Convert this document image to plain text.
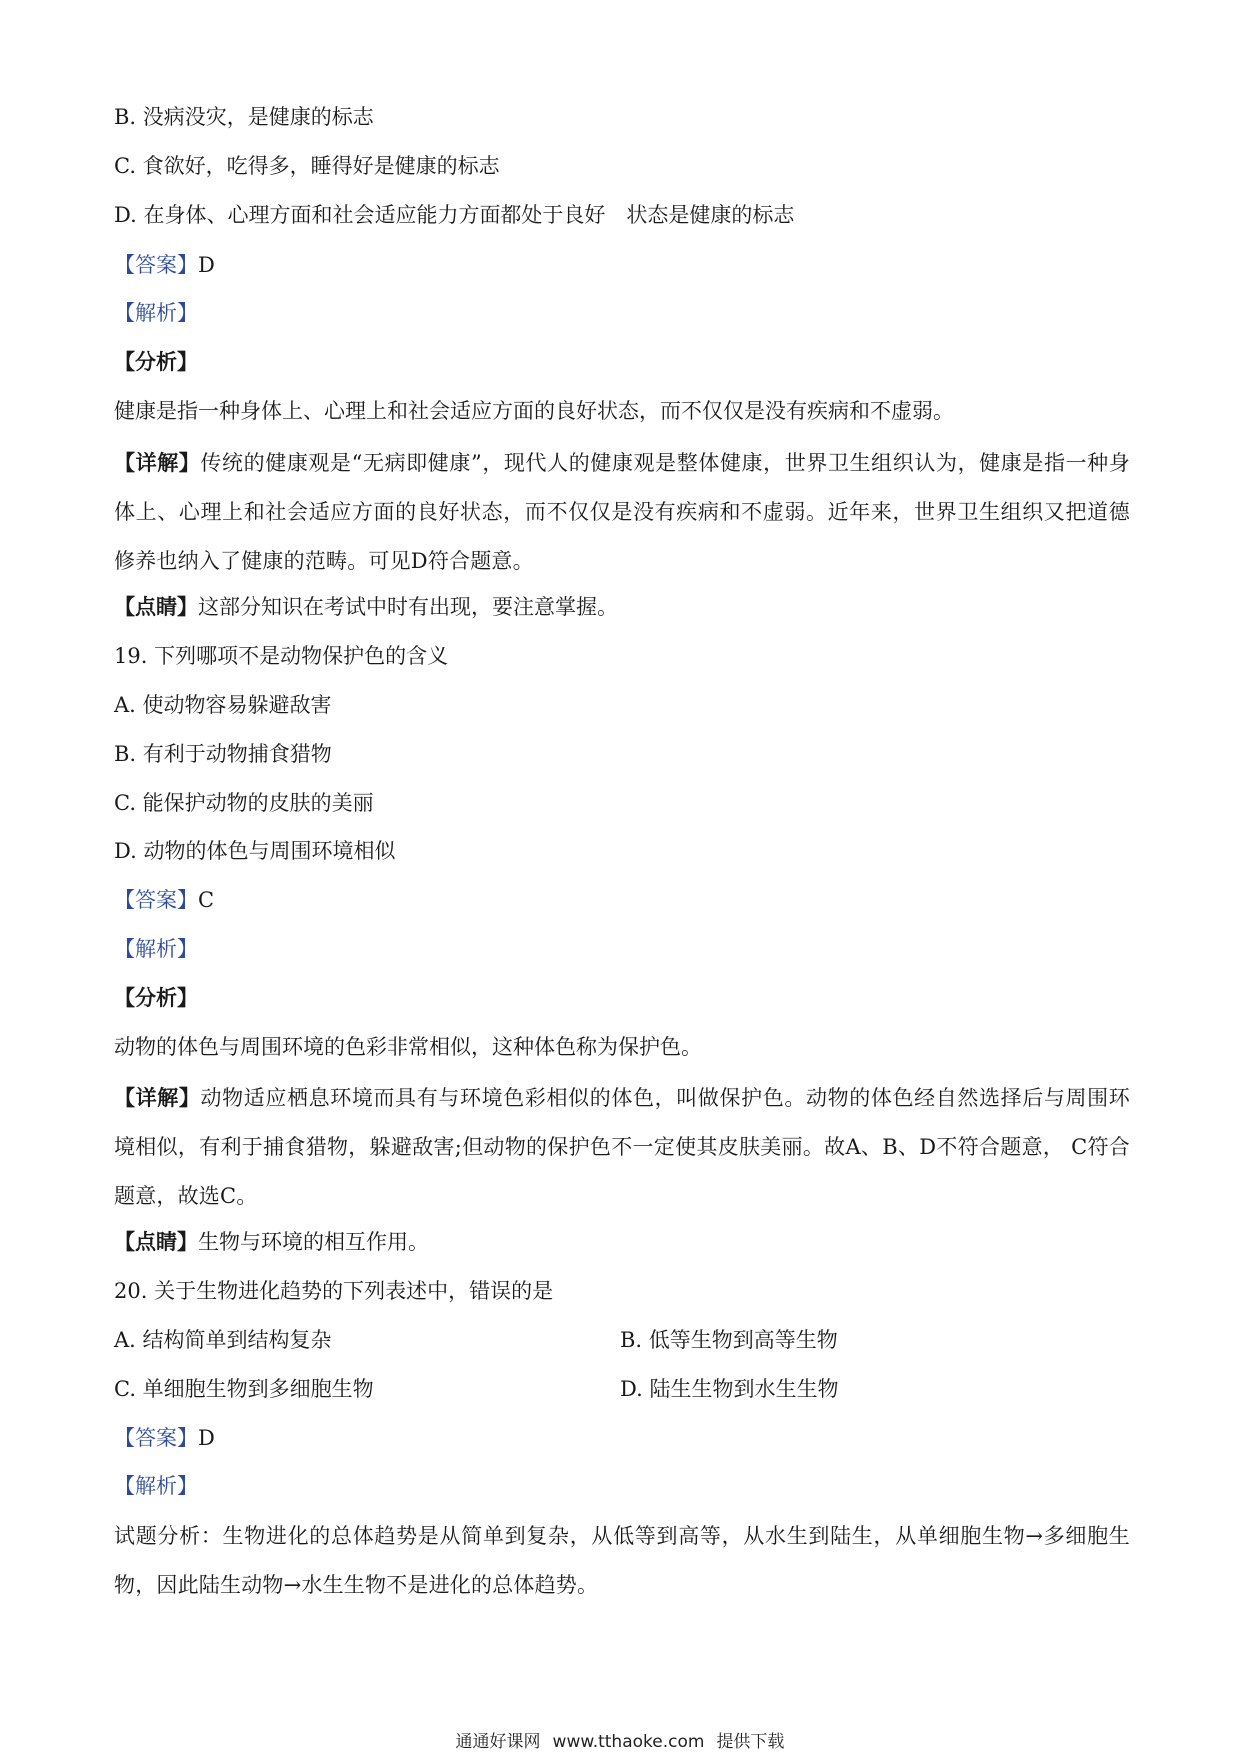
B. 没病没灾，是健康的标志
C. 食欲好，吃得多，睡得好是健康的标志
D. 在身体、心理方面和社会适应能力方面都处于良好　状态是健康的标志
【答案】D
【解析】
【分析】
健康是指一种身体上、心理上和社会适应方面的良好状态，而不仅仅是没有疾病和不虚弱。
【详解】传统的健康观是“无病即健康”，现代人的健康观是整体健康，世界卫生组织认为，健康是指一种身体上、心理上和社会适应方面的良好状态，而不仅仅是没有疾病和不虚弱。近年来，世界卫生组织又把道德修养也纳入了健康的范畴。可见D符合题意。
【点睛】这部分知识在考试中时有出现，要注意掌握。
19. 下列哪项不是动物保护色的含义
A. 使动物容易躲避敌害
B. 有利于动物捕食猎物
C. 能保护动物的皮肤的美丽
D. 动物的体色与周围环境相似
【答案】C
【解析】
【分析】
动物的体色与周围环境的色彩非常相似，这种体色称为保护色。
【详解】动物适应栖息环境而具有与环境色彩相似的体色，叫做保护色。动物的体色经自然选择后与周围环境相似，有利于捕食猎物，躲避敌害;但动物的保护色不一定使其皮肤美丽。故A、B、D不符合题意， C符合题意，故选C。
【点睛】生物与环境的相互作用。
20. 关于生物进化趋势的下列表述中，错误的是
A. 结构简单到结构复杂	B. 低等生物到高等生物
C. 单细胞生物到多细胞生物	D. 陆生生物到水生生物
【答案】D
【解析】
试题分析：生物进化的总体趋势是从简单到复杂，从低等到高等，从水生到陆生，从单细胞生物→多细胞生物，因此陆生动物→水生生物不是进化的总体趋势。
通通好课网 www.tthaoke.com 提供下载
